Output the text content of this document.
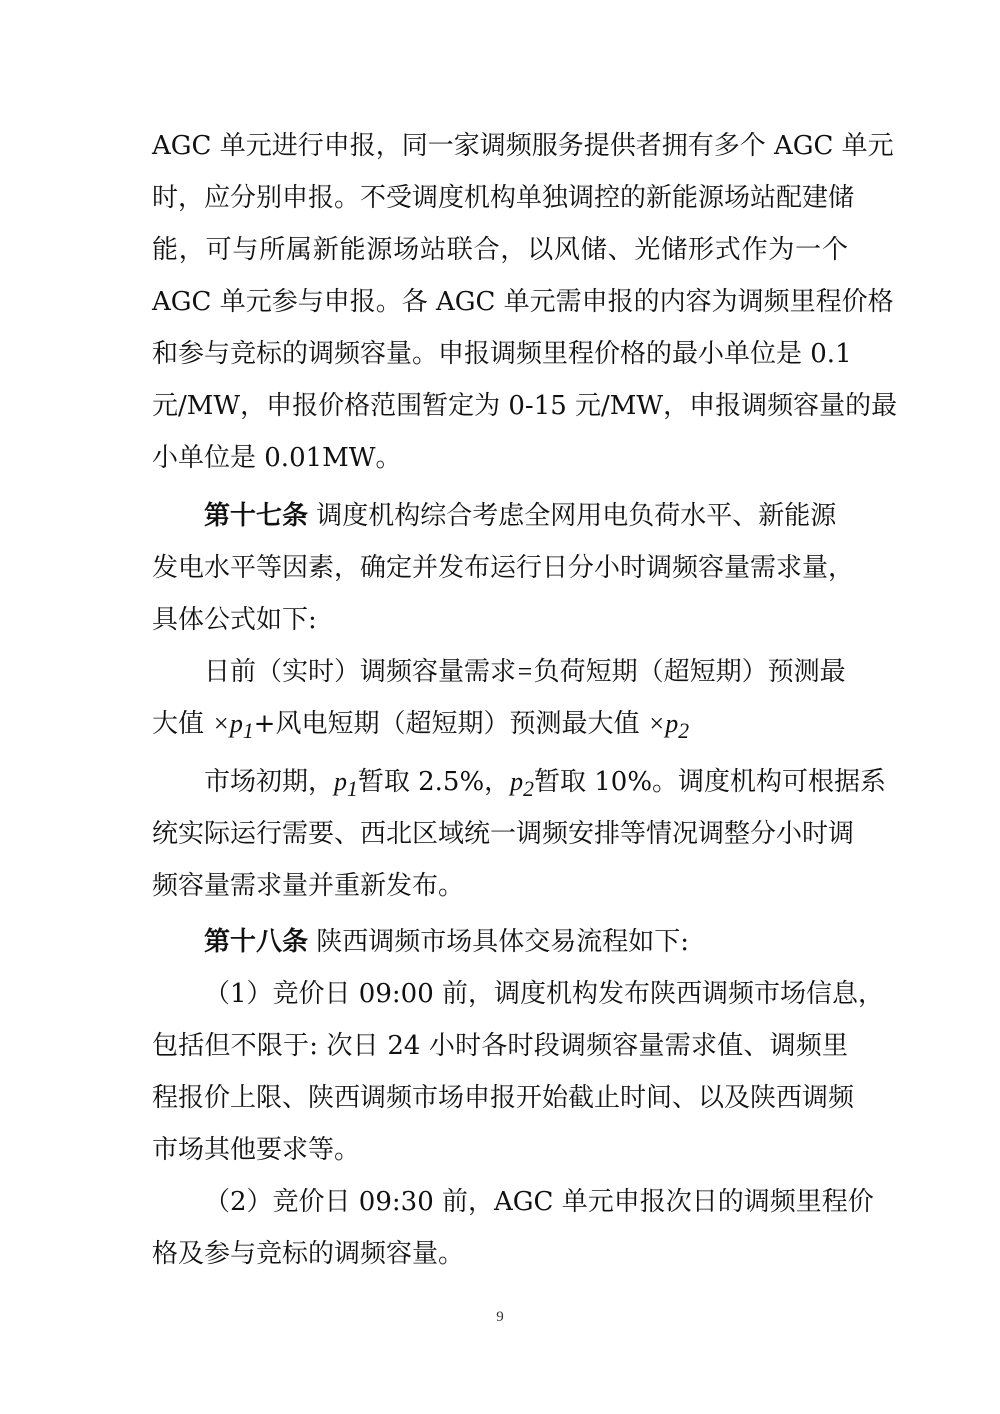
AGC 单元进行申报，同一家调频服务提供者拥有多个 AGC 单元
时，应分别申报。不受调度机构单独调控的新能源场站配建储
能，可与所属新能源场站联合，以风储、光储形式作为一个
AGC 单元参与申报。各 AGC 单元需申报的内容为调频里程价格
和参与竞标的调频容量。申报调频里程价格的最小单位是 0.1
元/MW，申报价格范围暂定为 0-15 元/MW，申报调频容量的最
小单位是 0.01MW。
第十七条 调度机构综合考虑全网用电负荷水平、新能源
发电水平等因素，确定并发布运行日分小时调频容量需求量，
具体公式如下:
日前（实时）调频容量需求=负荷短期（超短期）预测最
大值 $\times p_1+$风电短期（超短期）预测最大值 $\times p_2$
市场初期，$p_1$暂取 2.5%，$p_2$暂取 10%。调度机构可根据系
统实际运行需要、西北区域统一调频安排等情况调整分小时调
频容量需求量并重新发布。
第十八条 陕西调频市场具体交易流程如下:
（1）竞价日 09:00 前，调度机构发布陕西调频市场信息，
包括但不限于: 次日 24 小时各时段调频容量需求值、调频里
程报价上限、陕西调频市场申报开始截止时间、以及陕西调频
市场其他要求等。
（2）竞价日 09:30 前，AGC 单元申报次日的调频里程价
格及参与竞标的调频容量。
9
